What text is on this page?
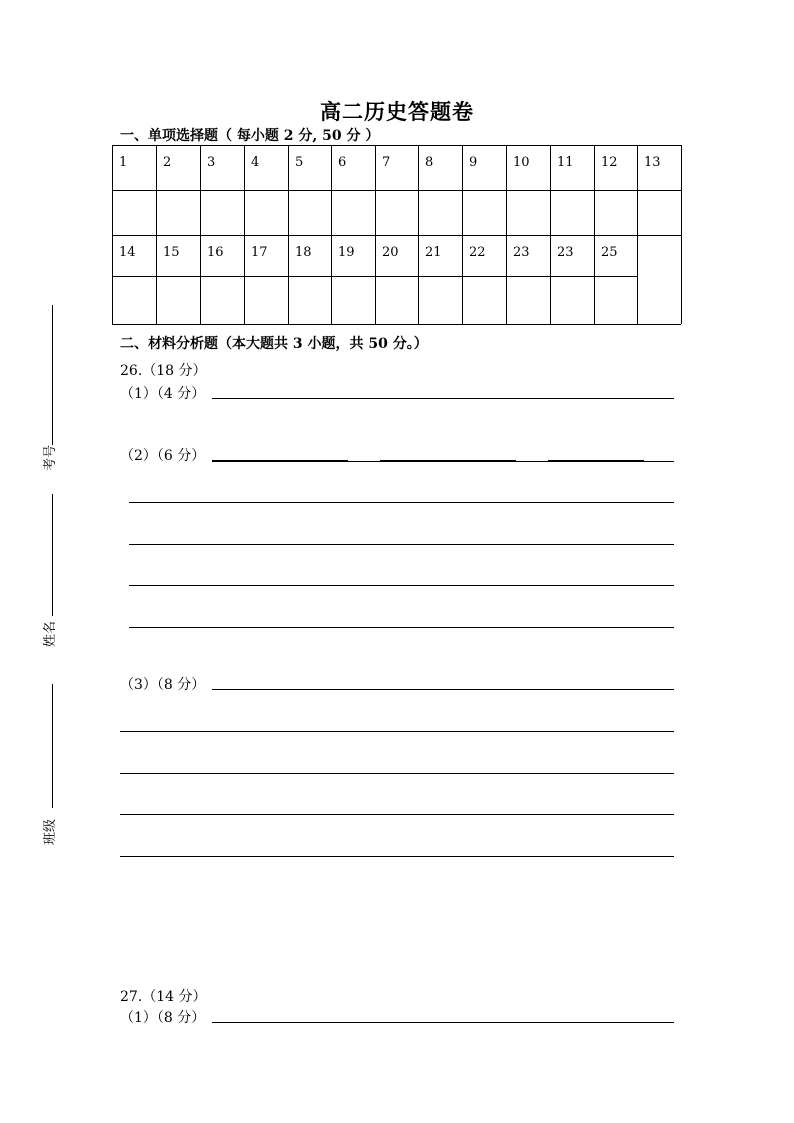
高二历史答题卷
一、单项选择题（ 每小题 2 分, 50 分 ）
1	2	3	4	5	6	7	8	9	10 11 12 13
14 15 16 17 18 19 20 21 22 23 23 25
二、材料分析题（本大题共 3 小题，共 50 分。）
26.（18 分）
（1）（4 分）
（2）（6 分）
（3）（8 分）
27.（14 分）
（1）（8 分）
考号
姓名
班级
